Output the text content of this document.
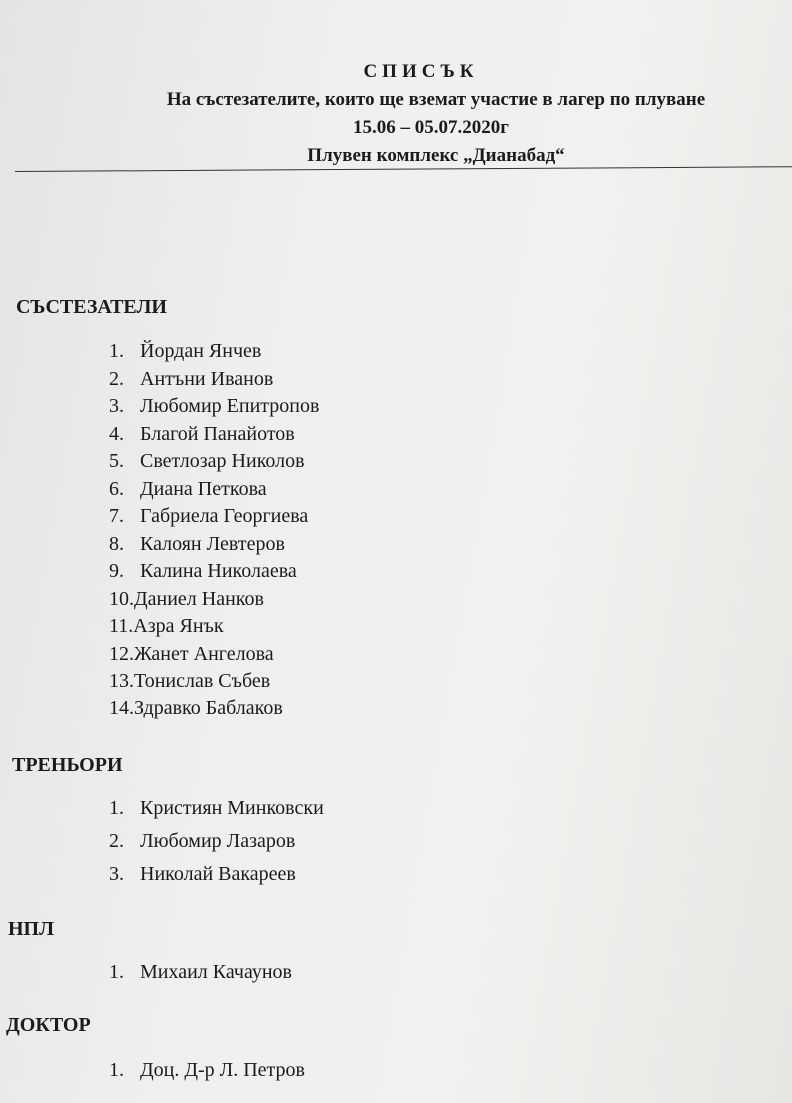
СПИСЪК
На състезателите, които ще вземат участие в лагер по плуване
15.06 – 05.07.2020г
Плувен комплекс „Дианабад“
СЪСТЕЗАТЕЛИ
1. Йордан Янчев
2. Антъни Иванов
3. Любомир Епитропов
4. Благой Панайотов
5. Светлозар Николов
6. Диана Петкова
7. Габриела Георгиева
8. Калоян Левтеров
9. Калина Николаева
10.Даниел Нанков
11.Азра Янък
12.Жанет Ангелова
13.Тонислав Събев
14.Здравко Баблаков
ТРЕНЬОРИ
1. Кристиян Минковски
2. Любомир Лазаров
3. Николай Вакареев
НПЛ
1. Михаил Качаунов
ДОКТОР
1. Доц. Д-р Л. Петров
